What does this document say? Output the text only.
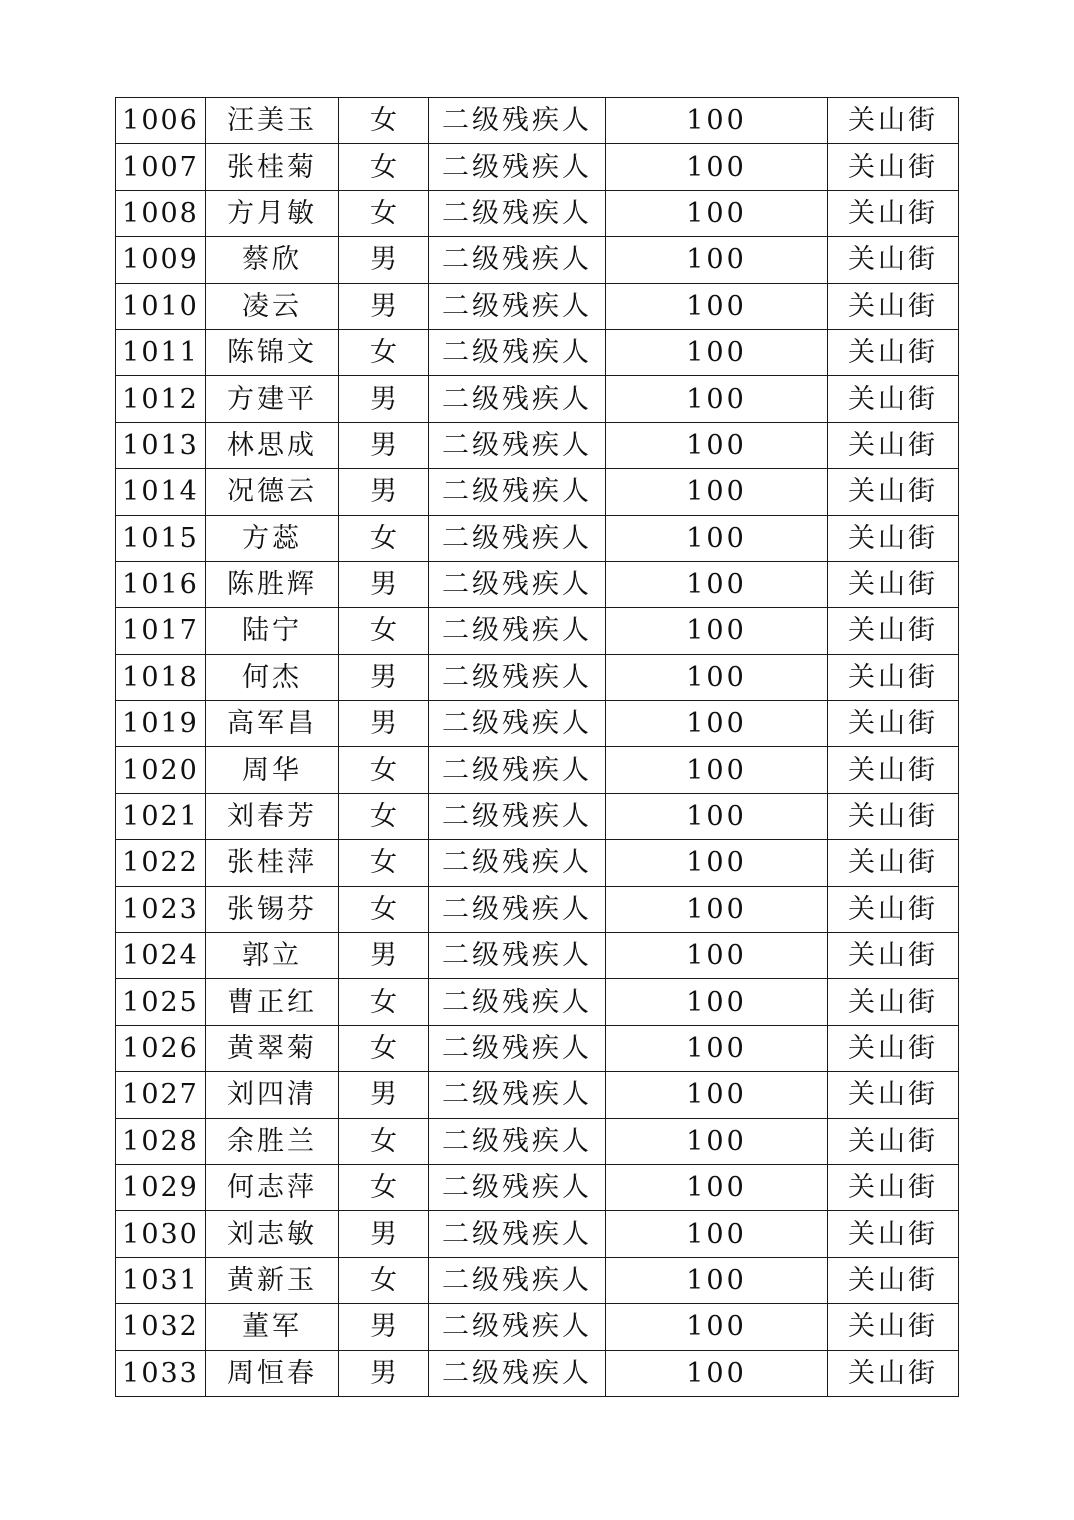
1006	汪美玉	女	二级残疾人	100	关山街
1007	张桂菊	女	二级残疾人	100	关山街
1008	方月敏	女	二级残疾人	100	关山街
1009	蔡欣	男	二级残疾人	100	关山街
1010	凌云	男	二级残疾人	100	关山街
1011	陈锦文	女	二级残疾人	100	关山街
1012	方建平	男	二级残疾人	100	关山街
1013	林思成	男	二级残疾人	100	关山街
1014	况德云	男	二级残疾人	100	关山街
1015	方蕊	女	二级残疾人	100	关山街
1016	陈胜辉	男	二级残疾人	100	关山街
1017	陆宁	女	二级残疾人	100	关山街
1018	何杰	男	二级残疾人	100	关山街
1019	高军昌	男	二级残疾人	100	关山街
1020	周华	女	二级残疾人	100	关山街
1021	刘春芳	女	二级残疾人	100	关山街
1022	张桂萍	女	二级残疾人	100	关山街
1023	张锡芬	女	二级残疾人	100	关山街
1024	郭立	男	二级残疾人	100	关山街
1025	曹正红	女	二级残疾人	100	关山街
1026	黄翠菊	女	二级残疾人	100	关山街
1027	刘四清	男	二级残疾人	100	关山街
1028	余胜兰	女	二级残疾人	100	关山街
1029	何志萍	女	二级残疾人	100	关山街
1030	刘志敏	男	二级残疾人	100	关山街
1031	黄新玉	女	二级残疾人	100	关山街
1032	董军	男	二级残疾人	100	关山街
1033	周恒春	男	二级残疾人	100	关山街
